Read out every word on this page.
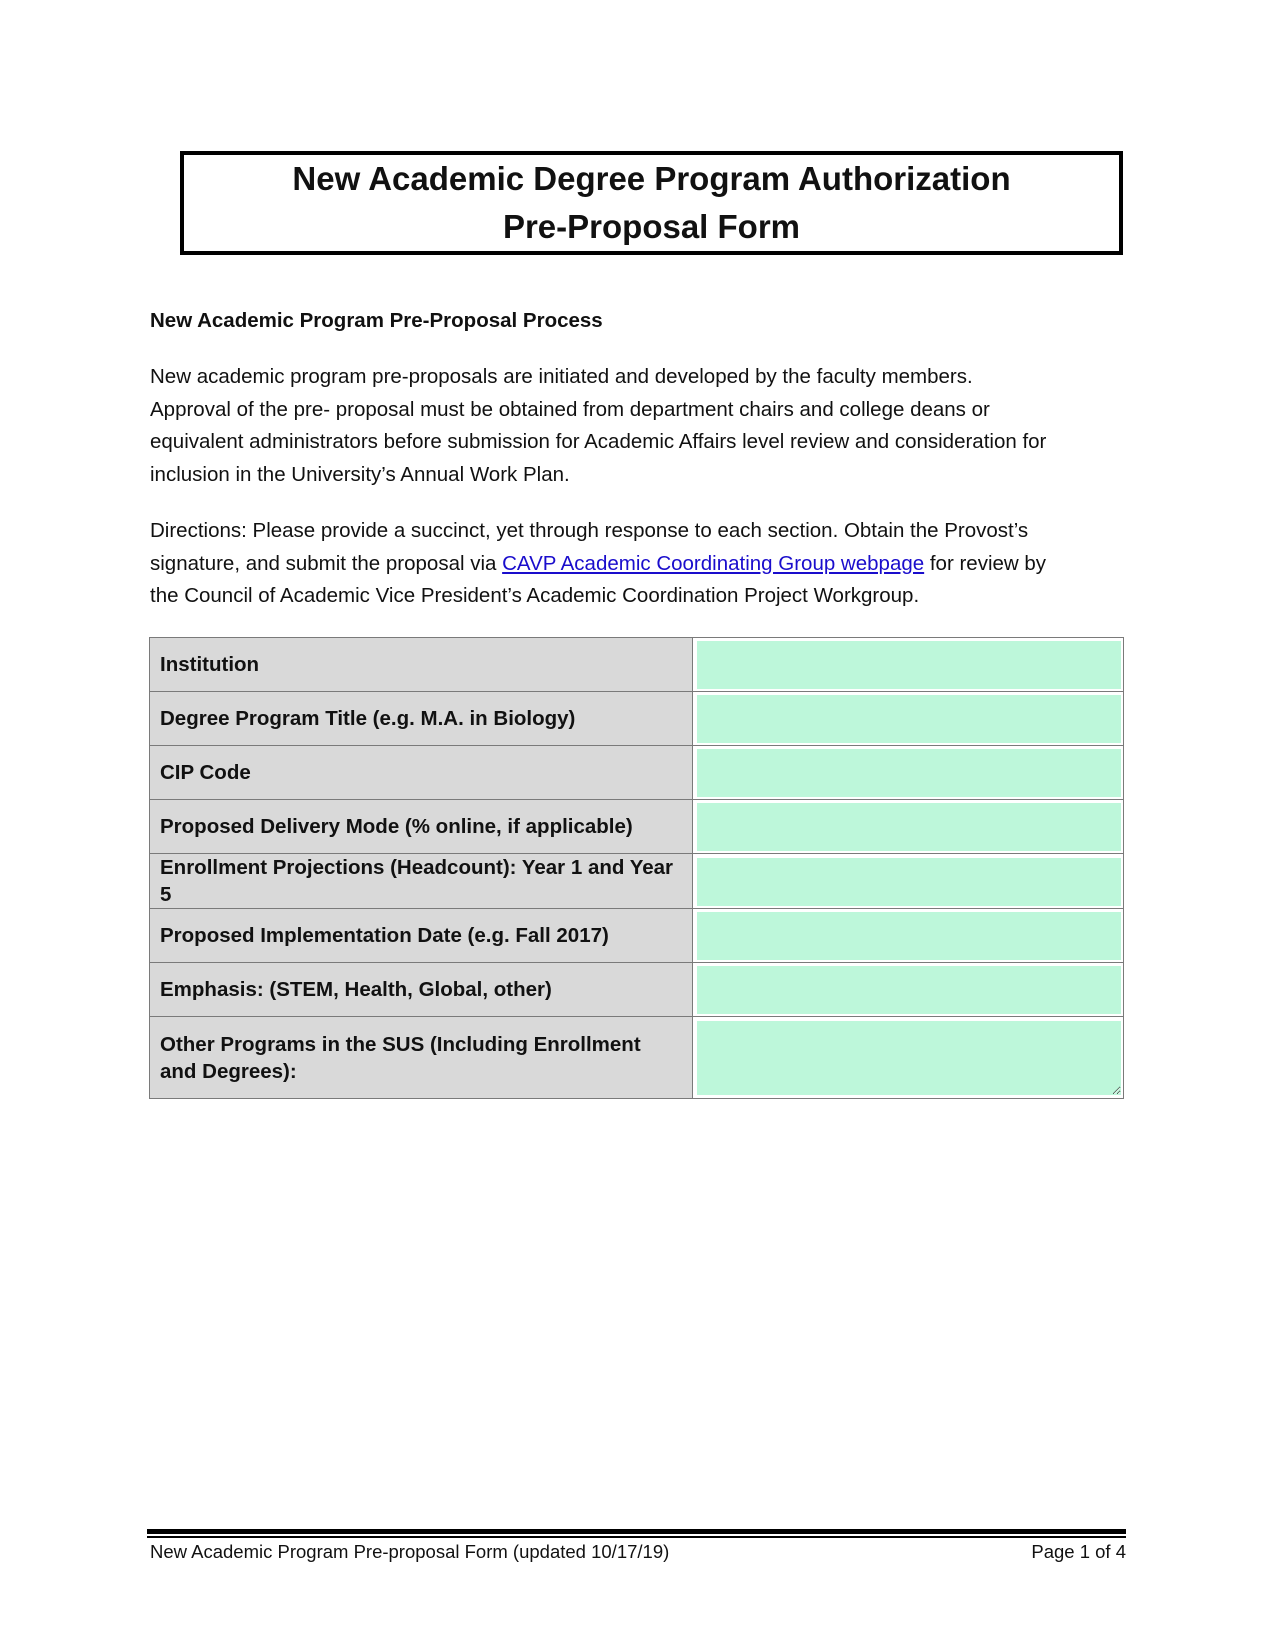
New Academic Degree Program Authorization
Pre-Proposal Form
New Academic Program Pre-Proposal Process
New academic program pre-proposals are initiated and developed by the faculty members.
Approval of the pre- proposal must be obtained from department chairs and college deans or
equivalent administrators before submission for Academic Affairs level review and consideration for
inclusion in the University’s Annual Work Plan.
Directions: Please provide a succinct, yet through response to each section. Obtain the Provost’s
signature, and submit the proposal via CAVP Academic Coordinating Group webpage for review by
the Council of Academic Vice President’s Academic Coordination Project Workgroup.
Institution	

Degree Program Title (e.g. M.A. in Biology)	

CIP Code	

Proposed Delivery Mode (% online, if applicable)	

Enrollment Projections (Headcount): Year 1 and Year 5	

Proposed Implementation Date (e.g. Fall 2017)	

Emphasis: (STEM, Health, Global, other)	

Other Programs in the SUS (Including Enrollment and Degrees):	
New Academic Program Pre-proposal Form (updated 10/17/19)	Page 1 of 4
